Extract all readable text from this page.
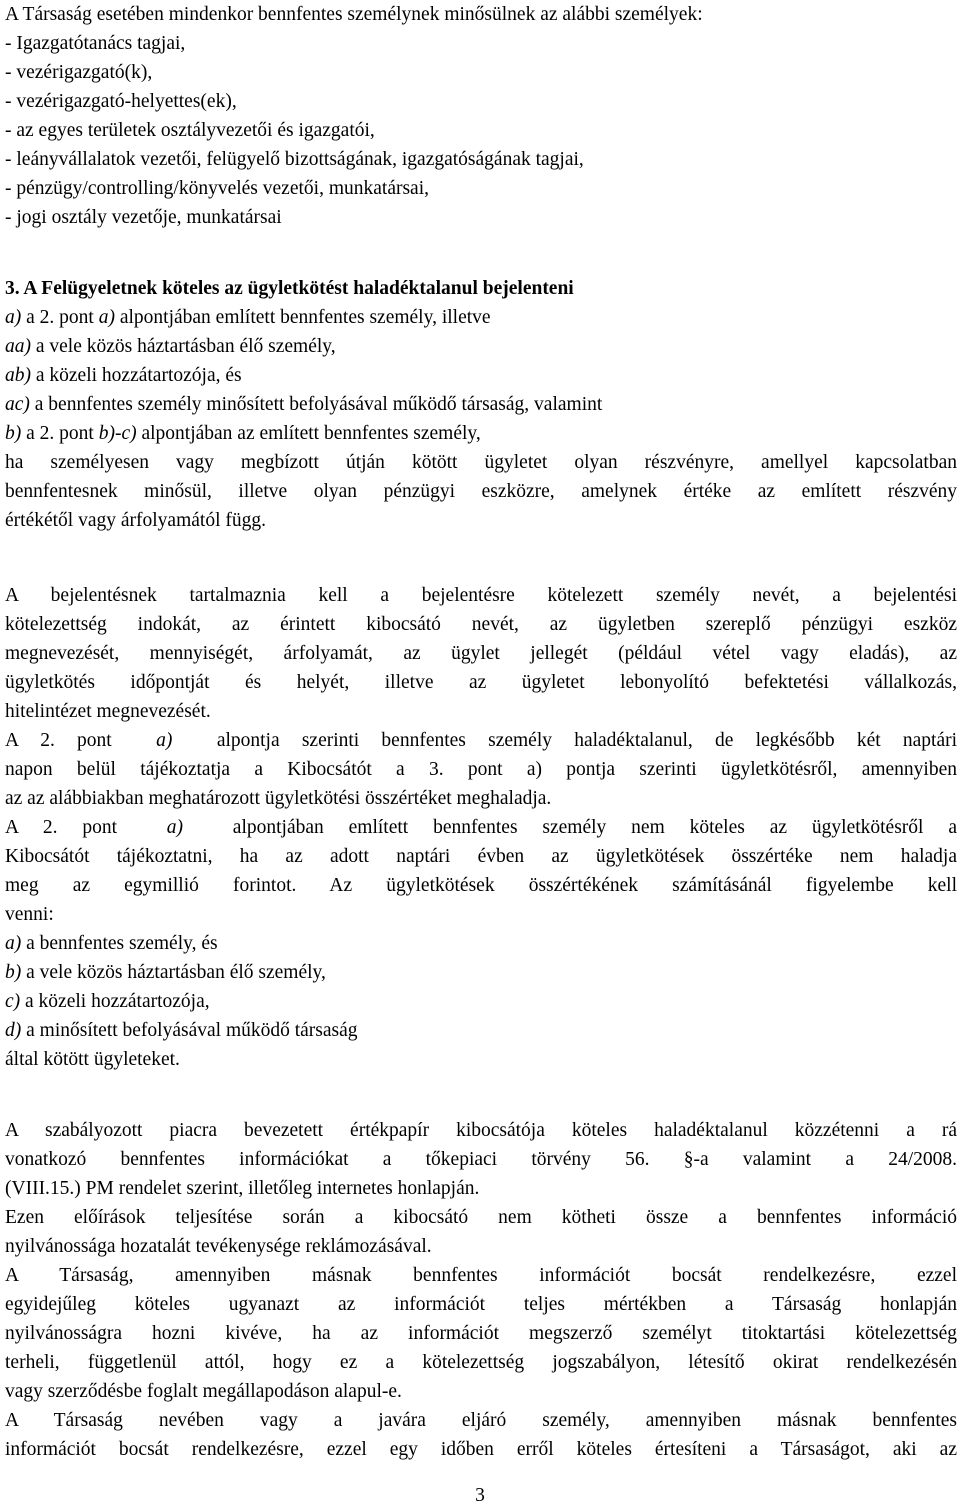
A Társaság esetében mindenkor bennfentes személynek minősülnek az alábbi személyek:
- Igazgatótanács tagjai,
- vezérigazgató(k),
- vezérigazgató-helyettes(ek),
- az egyes területek osztályvezetői és igazgatói,
- leányvállalatok vezetői, felügyelő bizottságának, igazgatóságának tagjai,
- pénzügy/controlling/könyvelés vezetői, munkatársai,
- jogi osztály vezetője, munkatársai
3. A Felügyeletnek köteles az ügyletkötést haladéktalanul bejelenteni
a) a 2. pont a) alpontjában említett bennfentes személy, illetve
aa) a vele közös háztartásban élő személy,
ab) a közeli hozzátartozója, és
ac) a bennfentes személy minősített befolyásával működő társaság, valamint
b) a 2. pont b)-c) alpontjában az említett bennfentes személy,
ha személyesen vagy megbízott útján kötött ügyletet olyan részvényre, amellyel kapcsolatban
bennfentesnek minősül, illetve olyan pénzügyi eszközre, amelynek értéke az említett részvény
értékétől vagy árfolyamától függ.
A bejelentésnek tartalmaznia kell a bejelentésre kötelezett személy nevét, a bejelentési
kötelezettség indokát, az érintett kibocsátó nevét, az ügyletben szereplő pénzügyi eszköz
megnevezését, mennyiségét, árfolyamát, az ügylet jellegét (például vétel vagy eladás), az
ügyletkötés időpontját és helyét, illetve az ügyletet lebonyolító befektetési vállalkozás,
hitelintézet megnevezését.
A 2. pont  a)  alpontja szerinti bennfentes személy haladéktalanul, de legkésőbb két naptári
napon belül tájékoztatja a Kibocsátót a 3. pont a) pontja szerinti ügyletkötésről, amennyiben
az az alábbiakban meghatározott ügyletkötési összértéket meghaladja.
A 2. pont  a)  alpontjában említett bennfentes személy nem köteles az ügyletkötésről a
Kibocsátót tájékoztatni, ha az adott naptári évben az ügyletkötések összértéke nem haladja
meg az egymillió forintot. Az ügyletkötések összértékének számításánál figyelembe kell
venni:
a) a bennfentes személy, és
b) a vele közös háztartásban élő személy,
c) a közeli hozzátartozója,
d) a minősített befolyásával működő társaság
által kötött ügyleteket.
A szabályozott piacra bevezetett értékpapír kibocsátója köteles haladéktalanul közzétenni a rá
vonatkozó bennfentes információkat a tőkepiaci törvény 56. §-a valamint a 24/2008.
(VIII.15.) PM rendelet szerint, illetőleg internetes honlapján.
Ezen előírások teljesítése során a kibocsátó nem kötheti össze a bennfentes információ
nyilvánossága hozatalát tevékenysége reklámozásával.
A Társaság, amennyiben másnak bennfentes információt bocsát rendelkezésre, ezzel
egyidejűleg köteles ugyanazt az információt teljes mértékben a Társaság honlapján
nyilvánosságra hozni kivéve, ha az információt megszerző személyt titoktartási kötelezettség
terheli, függetlenül attól, hogy ez a kötelezettség jogszabályon, létesítő okirat rendelkezésén
vagy szerződésbe foglalt megállapodáson alapul-e.
A Társaság nevében vagy a javára eljáró személy, amennyiben másnak bennfentes
információt bocsát rendelkezésre, ezzel egy időben erről köteles értesíteni a Társaságot, aki az
3
